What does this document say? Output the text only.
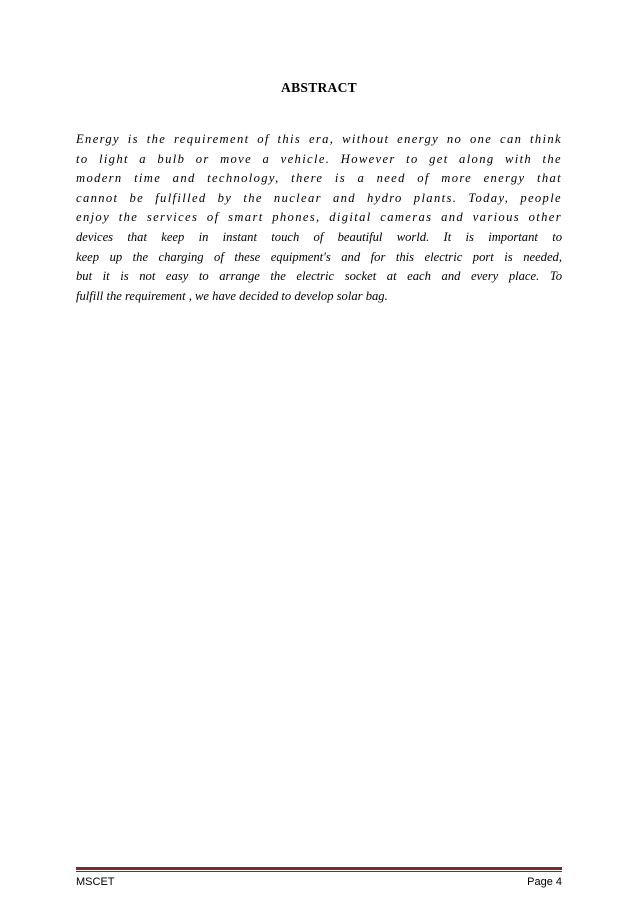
ABSTRACT

Energy is the requirement of this era, without energy no one can think
to light a bulb or move a vehicle. However to get along with the
modern time and technology, there is a need of more energy that
cannot be fulfilled by the nuclear and hydro plants. Today, people
enjoy the services of smart phones, digital cameras and various other
devices that keep in instant touch of beautiful world. It is important to
keep up the charging of these equipment's and for this electric port is needed,
but it is not easy to arrange the electric socket at each and every place. To
fulfill the requirement , we have decided to develop solar bag.

MSCET	Page 4
